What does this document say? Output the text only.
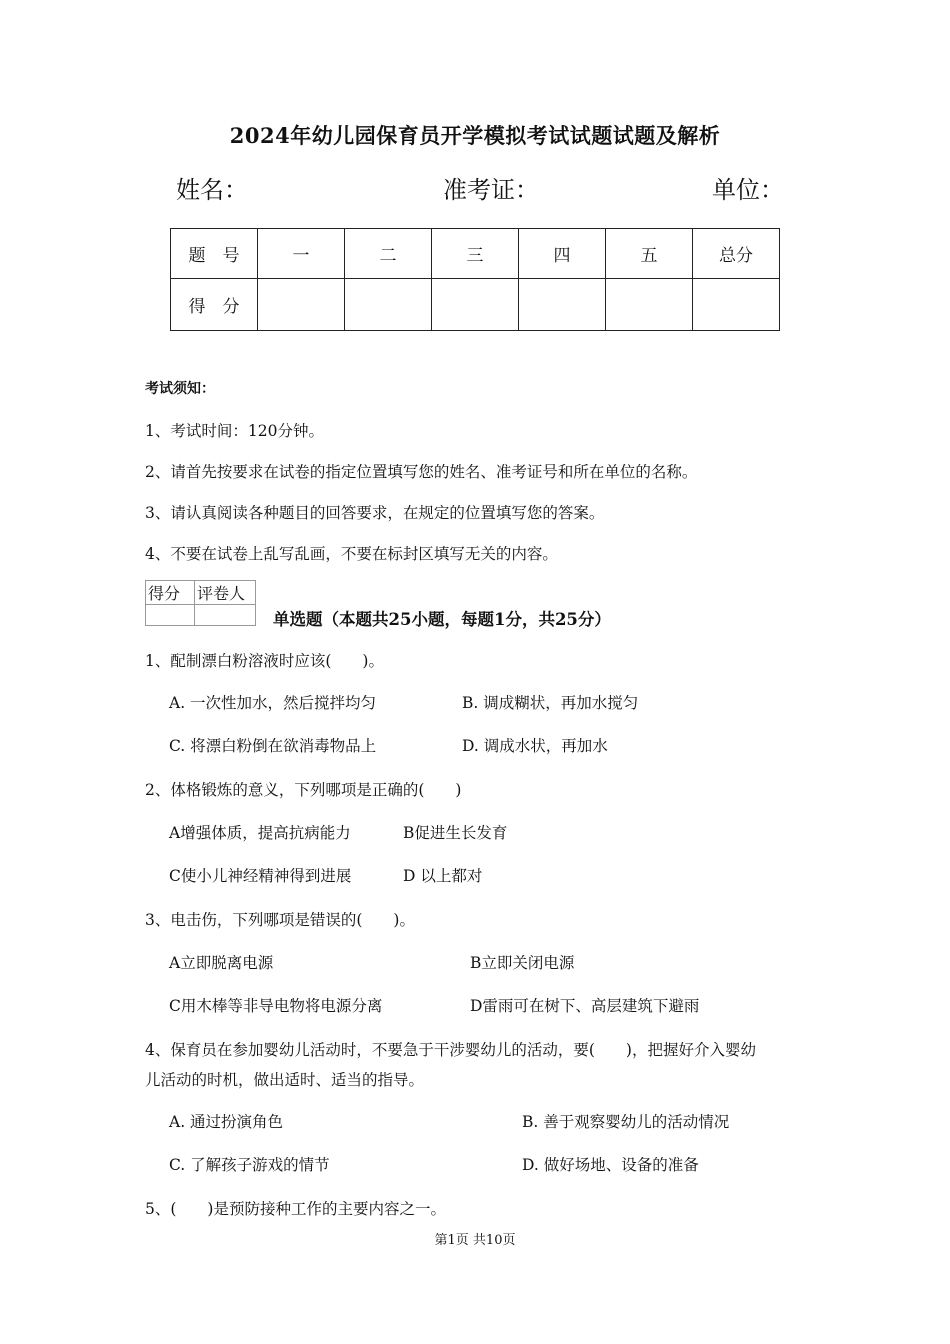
2024年幼儿园保育员开学模拟考试试题试题及解析
姓名：	准考证：	单位：
题　号	一	二	三	四	五	总分
得　分						
考试须知：
1、考试时间：120分钟。
2、请首先按要求在试卷的指定位置填写您的姓名、准考证号和所在单位的名称。
3、请认真阅读各种题目的回答要求，在规定的位置填写您的答案。
4、不要在试卷上乱写乱画，不要在标封区填写无关的内容。
得分	评卷人

单选题（本题共25小题，每题1分，共25分）
1、配制漂白粉溶液时应该(　　)。
A. 一次性加水，然后搅拌均匀	B. 调成糊状，再加水搅匀
C. 将漂白粉倒在欲消毒物品上	D. 调成水状，再加水
2、体格锻炼的意义，下列哪项是正确的(　　)
A增强体质，提高抗病能力	B促进生长发育
C使小儿神经精神得到进展	D 以上都对
3、电击伤，下列哪项是错误的(　　)。
A立即脱离电源	B立即关闭电源
C用木棒等非导电物将电源分离	D雷雨可在树下、高层建筑下避雨
4、保育员在参加婴幼儿活动时，不要急于干涉婴幼儿的活动，要(　　)，把握好介入婴幼
儿活动的时机，做出适时、适当的指导。
A. 通过扮演角色	B. 善于观察婴幼儿的活动情况
C. 了解孩子游戏的情节	D. 做好场地、设备的准备
5、(　　)是预防接种工作的主要内容之一。
第1页 共10页
